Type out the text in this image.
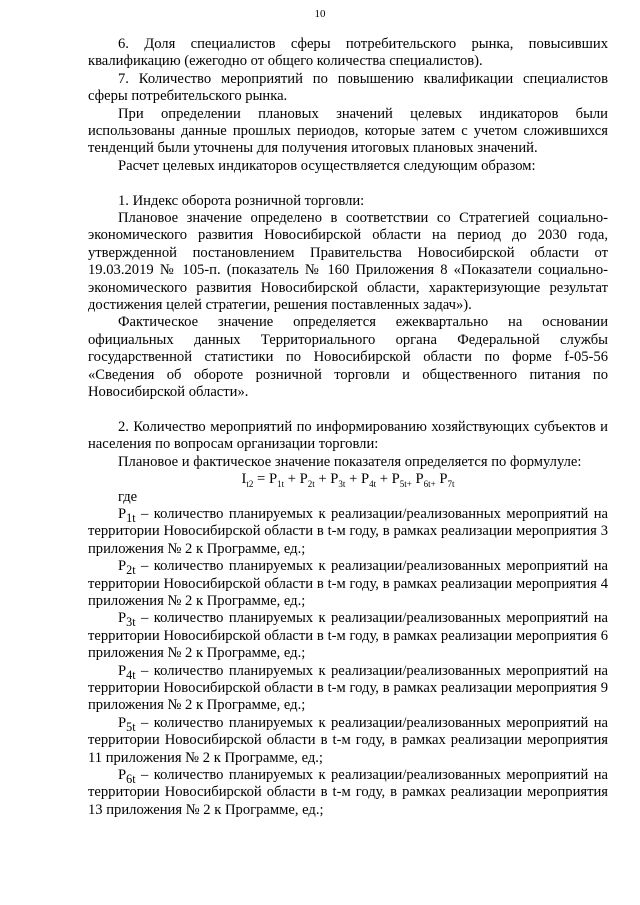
10

6. Доля специалистов сферы потребительского рынка, повысивших квалификацию (ежегодно от общего количества специалистов).

7. Количество мероприятий по повышению квалификации специалистов сферы потребительского рынка.

При определении плановых значений целевых индикаторов были использованы данные прошлых периодов, которые затем с учетом сложившихся тенденций были уточнены для получения итоговых плановых значений.

Расчет целевых индикаторов осуществляется следующим образом:

1. Индекс оборота розничной торговли:

Плановое значение определено в соответствии со Стратегией социально-экономического развития Новосибирской области на период до 2030 года, утвержденной постановлением Правительства Новосибирской области от 19.03.2019 № 105-п. (показатель № 160 Приложения 8 «Показатели социально-экономического развития Новосибирской области, характеризующие результат достижения целей стратегии, решения поставленных задач»).

Фактическое значение определяется ежеквартально на основании официальных данных Территориального органа Федеральной службы государственной статистики по Новосибирской области по форме f-05-56 «Сведения об обороте розничной торговли и общественного питания по Новосибирской области».

2. Количество мероприятий по информированию хозяйствующих субъектов и населения по вопросам организации торговли:

Плановое и фактическое значение показателя определяется по формулуле:

$I_{t2} = P_{1t} + P_{2t} + P_{3t} + P_{4t} + P_{5t+}$ $P_{6t+}$ $P_{7t}$

где

$P_{1t}$ – количество планируемых к реализации/реализованных мероприятий на территории Новосибирской области в t-м году, в рамках реализации мероприятия 3 приложения № 2 к Программе, ед.;

$P_{2t}$ – количество планируемых к реализации/реализованных мероприятий на территории Новосибирской области в t-м году, в рамках реализации мероприятия 4 приложения № 2 к Программе, ед.;

$P_{3t}$ – количество планируемых к реализации/реализованных мероприятий на территории Новосибирской области в t-м году, в рамках реализации мероприятия 6 приложения № 2 к Программе, ед.;

$P_{4t}$ – количество планируемых к реализации/реализованных мероприятий на территории Новосибирской области в t-м году, в рамках реализации мероприятия 9 приложения № 2 к Программе, ед.;

$P_{5t}$ – количество планируемых к реализации/реализованных мероприятий на территории Новосибирской области в t-м году, в рамках реализации мероприятия 11 приложения № 2 к Программе, ед.;

$P_{6t}$ – количество планируемых к реализации/реализованных мероприятий на территории Новосибирской области в t-м году, в рамках реализации мероприятия 13 приложения № 2 к Программе, ед.;
